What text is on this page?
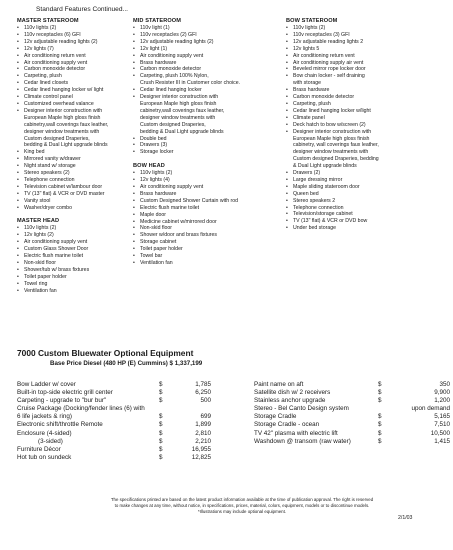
Standard Features Continued...
MASTER STATEROOM
• 110v lights (2)
• 110v receptacles (6) GFI
• 12v adjustable reading lights (2)
• 12v lights (7)
• Air conditioning return vent
• Air conditioning supply vent
• Carbon monoxide detector
• Carpeting, plush
• Cedar lined closets
• Cedar lined hanging locker w/ light
• Climate control panel
• Customized overhead valance
• Designer interior construction with
European Maple high gloss finish
cabinetry,wall coverings faux leather,
designer window treatments with
Custom designed Draperies,
bedding & Dual Light upgrade blinds
• King bed
• Mirrored vanity w/drawer
• Night stand w/ storage
• Stereo speakers (2)
• Telephone connection
• Television cabinet w/lambour door
• TV (13" flat) & VCR or DVD master
• Vanity stool
• Washer/dryer combo
MASTER HEAD
• 110v lights (2)
• 12v lights (2)
• Air conditioning supply vent
• Custom Glass Shower Door
• Electric flush marine toilet
• Non-skid floor
• Shower/tub w/ brass fixtures
• Toilet paper holder
• Towel ring
• Ventilation fan
MID STATEROOM
• 110v light (1)
• 110v receptacles (2) GFI
• 12v adjustable reading lights (2)
• 12v light (1)
• Air conditioning supply vent
• Brass hardware
• Carbon monoxide detector
• Carpeting, plush 100% Nylon,
Crush Resister III in Customer color choice.
• Cedar lined hanging locker
• Designer interior construction with
European Maple high gloss finish
cabinetry,wall coverings faux leather,
designer window treatments with
Custom designed Draperies,
bedding & Dual Light upgrade blinds
• Double bed
• Drawers (3)
• Storage locker
BOW HEAD
• 110v lights (2)
• 12v lights (4)
• Air conditioning supply vent
• Brass hardware
• Custom Designed Shower Curtain with rod
• Electric flush marine toilet
• Maple door
• Medicine cabinet w/mirrored door
• Non-skid floor
• Shower w/door and brass fixtures
• Storage cabinet
• Toilet paper holder
• Towel bar
• Ventilation fan
BOW STATEROOM
• 110v lights (2)
• 110v receptacles (3) GFI
• 12v adjustable reading lights 2
• 12v lights 5
• Air conditioning return vent
• Air conditioning supply air vent
• Beveled mirror rope locker door
• Bow chain locker - self draining
with storage
• Brass hardware
• Carbon monoxide detector
• Carpeting, plush
• Cedar lined hanging locker w/light
• Climate panel
• Deck hatch to bow w/screen (2)
• Designer interior construction with
European Maple high gloss finish
cabinetry, wall coverings faux leather,
designer window treatments with
Custom designed Draperies, bedding
& Dual Light upgrade blinds
• Drawers (2)
• Large dressing mirror
• Maple sliding stateroom door
• Queen bed
• Stereo speakers 2
• Telephone connection
• Television/storage cabinet
• TV (13" flat) & VCR or DVD bow
• Under bed storage
7000 Custom Bluewater Optional Equipment
Base Price Diesel (480 HP (E) Cummins) $ 1,337,199
Bow Ladder w/ cover	$	1,785
Built-in top-side electric grill center	$	6,250
Carpeting - upgrade to "bur bur"	$	500
Cruise Package (Docking/fender lines (6) with		
6 life jackets & ring)	$	699
Electronic shift/throttle Remote	$	1,899
Enclosure (4-sided)	$	2,810
(3-sided)	$	2,210
Furniture Décor	$	16,955
Hot tub on sundeck	$	12,825
Paint name on aft	$	350
Satellite dish w/ 2 receivers	$	9,900
Stainless anchor upgrade	$	1,200
Stereo - Bel Canto Design system		upon demand
Storage Cradle	$	5,165
Storage Cradle - ocean	$	7,510
TV 42" plasma with electric lift	$	10,500
Washdown @ transom (raw water)	$	1,415
The specifications printed are based on the latest product information available at the time of publication approval. The right is reserved
to make changes at any time, without notice, in specifications, prices, material, colors, equipment, models or to discontinue models.
*Illustrations may include optional equipment.
2/1/03
